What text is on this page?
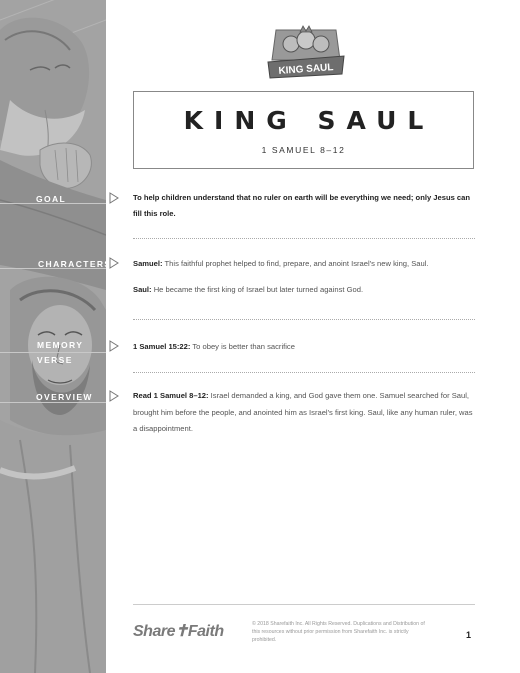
GOAL
CHARACTERS
MEMORY
VERSE
OVERVIEW
KING SAUL
KING SAUL
1 SAMUEL 8–12
To help children understand that no ruler on earth will be everything we need; only Jesus can fill this role.
Samuel: This faithful prophet helped to find, prepare, and anoint Israel's new king, Saul.
Saul: He became the first king of Israel but later turned against God.
1 Samuel 15:22: To obey is better than sacrifice
Read 1 Samuel 8–12: Israel demanded a king, and God gave them one. Samuel searched for Saul, brought him before the people, and anointed him as Israel's first king. Saul, like any human ruler, was a disappointment.
Share✝Faith	© 2018 Sharefaith Inc. All Rights Reserved. Duplications and Distribution of this resources without prior permission from Sharefaith Inc. is strictly prohibited.	1
